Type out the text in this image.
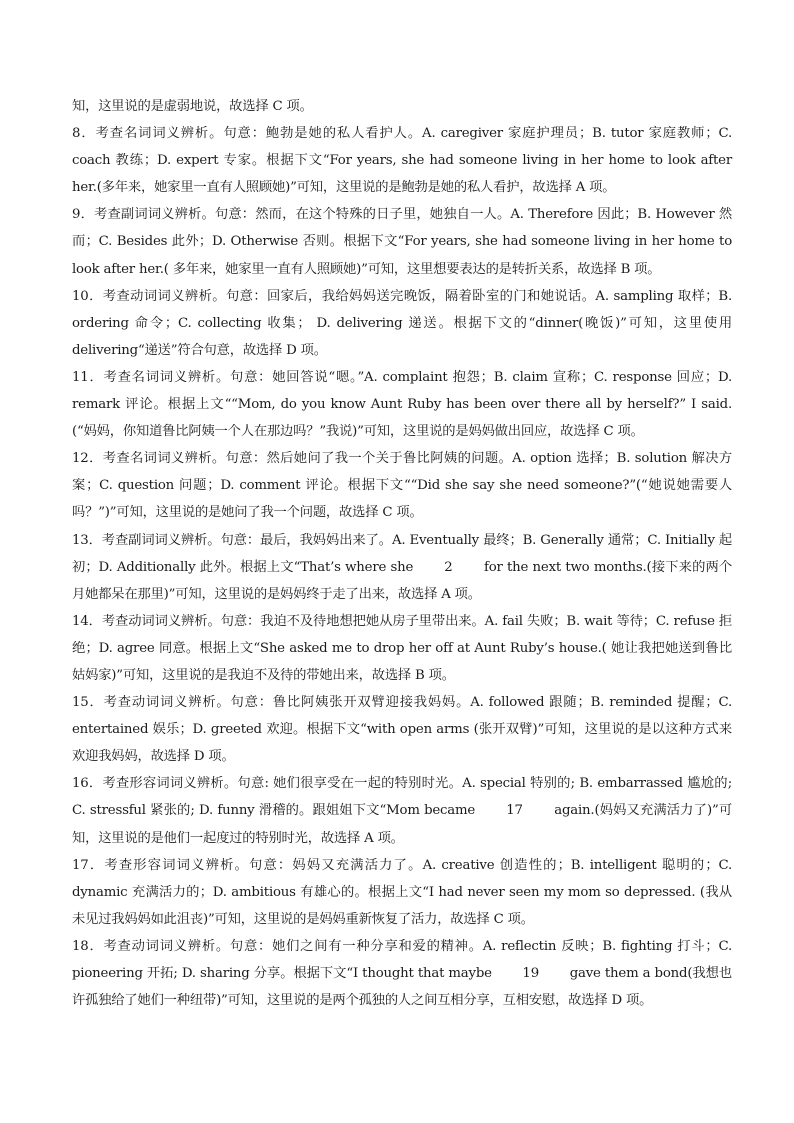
知，这里说的是虚弱地说，故选择 C 项。

8．考查名词词义辨析。句意：鲍勃是她的私人看护人。A. caregiver 家庭护理员；B. tutor 家庭教师；C. coach 教练；D. expert 专家。根据下文“For years, she had someone living in her home to look after her.(多年来，她家里一直有人照顾她)”可知，这里说的是鲍勃是她的私人看护，故选择 A 项。

9．考查副词词义辨析。句意：然而，在这个特殊的日子里，她独自一人。A. Therefore 因此；B. However 然而；C. Besides 此外；D. Otherwise 否则。根据下文“For years, she had someone living in her home to look after her.( 多年来，她家里一直有人照顾她)”可知，这里想要表达的是转折关系，故选择 B 项。

10．考查动词词义辨析。句意：回家后，我给妈妈送完晚饭，隔着卧室的门和她说话。A. sampling 取样；B. ordering 命令；C. collecting 收集； D. delivering 递送。根据下文的“dinner(晚饭)”可知，这里使用 delivering“递送”符合句意，故选择 D 项。

11．考查名词词义辨析。句意：她回答说“嗯。”A. complaint 抱怨；B. claim 宣称；C. response 回应；D. remark 评论。根据上文““Mom, do you know Aunt Ruby has been over there all by herself?” I said.(“妈妈，你知道鲁比阿姨一个人在那边吗？”我说)”可知，这里说的是妈妈做出回应，故选择 C 项。

12．考查名词词义辨析。句意：然后她问了我一个关于鲁比阿姨的问题。A. option 选择；B. solution 解决方案；C. question 问题；D. comment 评论。根据下文““Did she say she need someone?”(“她说她需要人吗？”)”可知，这里说的是她问了我一个问题，故选择 C 项。

13．考查副词词义辨析。句意：最后，我妈妈出来了。A. Eventually 最终；B. Generally 通常；C. Initially 起初；D. Additionally 此外。根据上文“That’s where she 　　2　　 for the next two months.(接下来的两个月她都呆在那里)”可知，这里说的是妈妈终于走了出来，故选择 A 项。

14．考查动词词义辨析。句意：我迫不及待地想把她从房子里带出来。A. fail 失败；B. wait 等待；C. refuse 拒绝；D. agree 同意。根据上文“She asked me to drop her off at Aunt Ruby’s house.( 她让我把她送到鲁比姑妈家)”可知，这里说的是我迫不及待的带她出来，故选择 B 项。

15．考查动词词义辨析。句意：鲁比阿姨张开双臂迎接我妈妈。A. followed 跟随；B. reminded 提醒；C. entertained 娱乐；D. greeted 欢迎。根据下文“with open arms (张开双臂)”可知，这里说的是以这种方式来欢迎我妈妈，故选择 D 项。

16．考查形容词词义辨析。句意: 她们很享受在一起的特别时光。A. special 特别的; B. embarrassed 尴尬的; C. stressful 紧张的; D. funny 滑稽的。跟姐姐下文“Mom became 　　17　　 again.(妈妈又充满活力了)”可知，这里说的是他们一起度过的特别时光，故选择 A 项。

17．考查形容词词义辨析。句意：妈妈又充满活力了。A. creative 创造性的；B. intelligent 聪明的；C. dynamic 充满活力的；D. ambitious 有雄心的。根据上文“I had never seen my mom so depressed. (我从未见过我妈妈如此沮丧)”可知，这里说的是妈妈重新恢复了活力，故选择 C 项。

18．考查动词词义辨析。句意：她们之间有一种分享和爱的精神。A. reflectin 反映；B. fighting 打斗；C. pioneering 开拓; D. sharing 分享。根据下文“I thought that maybe 　　19　　 gave them a bond(我想也许孤独给了她们一种纽带)”可知，这里说的是两个孤独的人之间互相分享，互相安慰，故选择 D 项。
